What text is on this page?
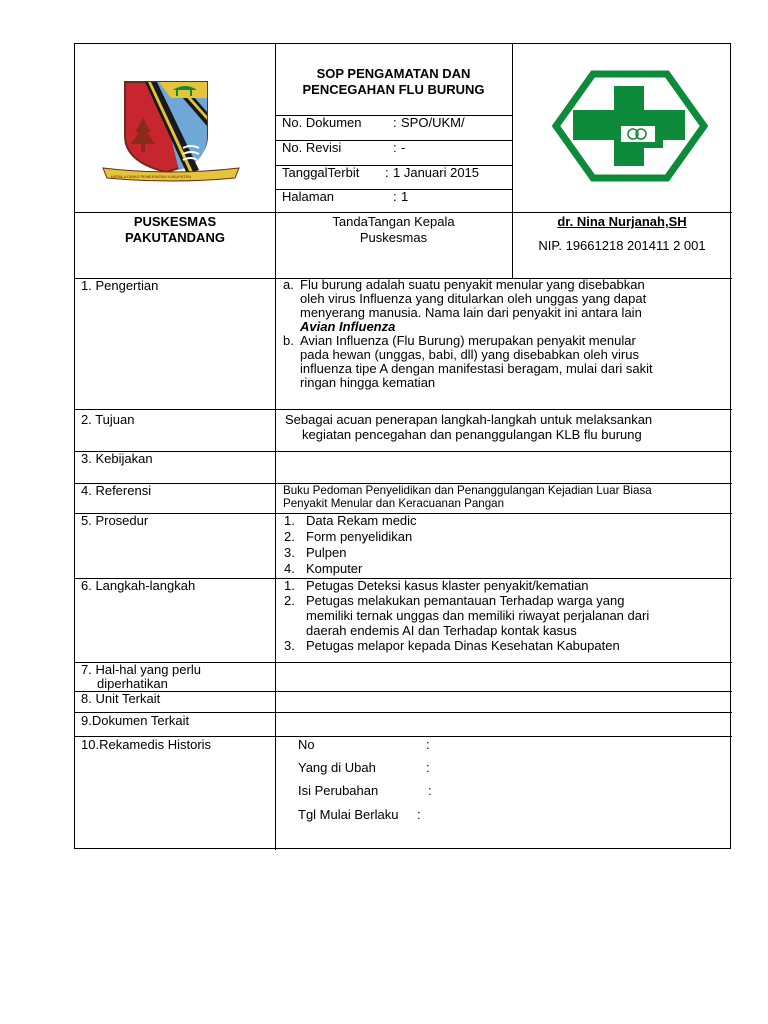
KEPALA DINAS PEMERINTAH KABUPATEN
SOP PENGAMATAN DAN
PENCEGAHAN FLU BURUNG
No. Dokumen : SPO/UKM/
No. Revisi	: -
TanggalTerbit : 1 Januari 2015
Halaman	: 1
PUSKESMAS
PAKUTANDANG
TandaTangan Kepala
Puskesmas
dr. Nina Nurjanah,SH
NIP. 19661218 201411 2 001
1. Pengertian	a. Flu burung adalah suatu penyakit menular yang disebabkan
oleh virus Influenza yang ditularkan oleh unggas yang dapat
menyerang manusia. Nama lain dari penyakit ini antara lain
Avian Influenza
b. Avian Influenza (Flu Burung) merupakan penyakit menular
pada hewan (unggas, babi, dll) yang disebabkan oleh virus
influenza tipe A dengan manifestasi beragam, mulai dari sakit
ringan hingga kematian
2. Tujuan	Sebagai acuan penerapan langkah-langkah untuk melaksankan
kegiatan pencegahan dan penanggulangan KLB flu burung
3. Kebijakan
4. Referensi	Buku Pedoman Penyelidikan dan Penanggulangan Kejadian Luar Biasa
Penyakit Menular dan Keracuanan Pangan
5. Prosedur	1. Data Rekam medic
2. Form penyelidikan
3. Pulpen
4. Komputer
6. Langkah-langkah	1. Petugas Deteksi kasus klaster penyakit/kematian
2. Petugas melakukan pemantauan Terhadap warga yang
memiliki ternak unggas dan memiliki riwayat perjalanan dari
daerah endemis AI dan Terhadap kontak kasus
3. Petugas melapor kepada Dinas Kesehatan Kabupaten
7. Hal-hal yang perlu
diperhatikan
8. Unit Terkait
9.Dokumen Terkait
10.Rekamedis Historis	No	:
Yang di Ubah	:
Isi Perubahan	:
Tgl Mulai Berlaku :
